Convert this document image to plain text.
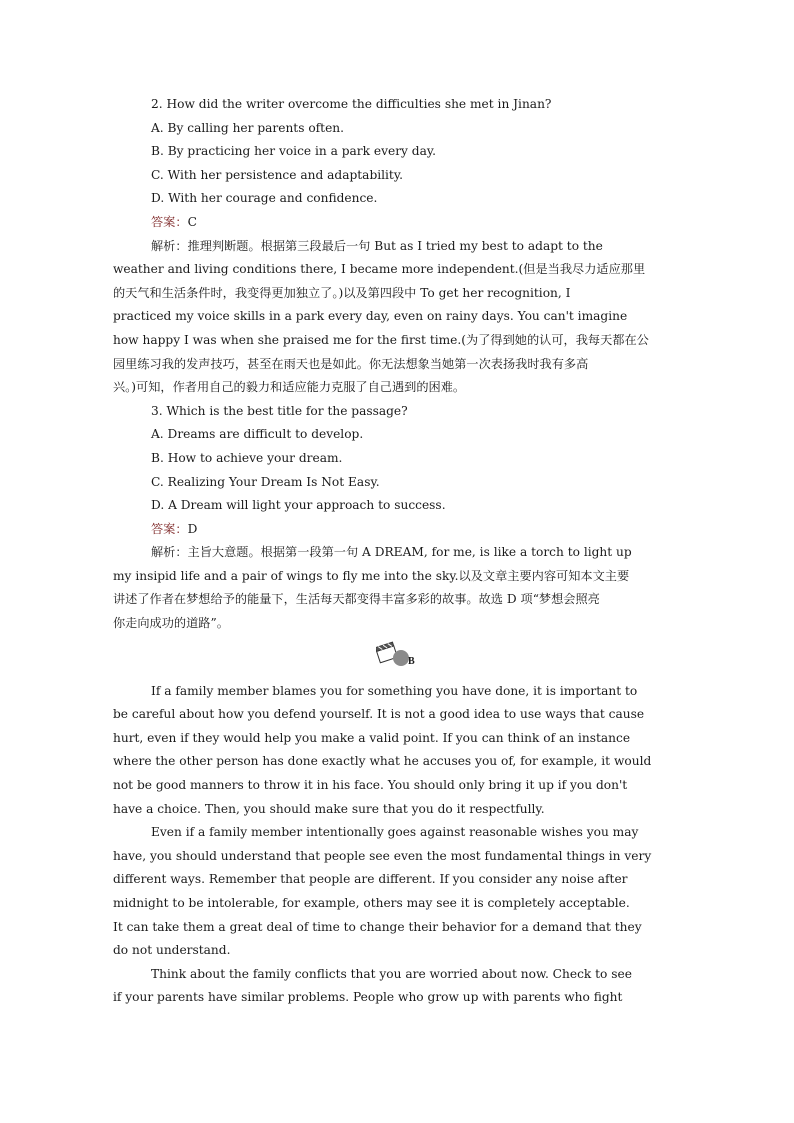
2. How did the writer overcome the difficulties she met in Jinan?

A. By calling her parents often.

B. By practicing her voice in a park every day.

C. With her persistence and adaptability.

D. With her courage and confidence.

答案：C

解析：推理判断题。根据第三段最后一句 But as I tried my best to adapt to the

weather and living conditions there, I became more independent.(但是当我尽力适应那里

的天气和生活条件时，我变得更加独立了。)以及第四段中 To get her recognition, I

practiced my voice skills in a park every day, even on rainy days. You can't imagine

how happy I was when she praised me for the first time.(为了得到她的认可，我每天都在公

园里练习我的发声技巧，甚至在雨天也是如此。你无法想象当她第一次表扬我时我有多高

兴。)可知，作者用自己的毅力和适应能力克服了自己遇到的困难。

3. Which is the best title for the passage?

A. Dreams are difficult to develop.

B. How to achieve your dream.

C. Realizing Your Dream Is Not Easy.

D. A Dream will light your approach to success.

答案：D

解析：主旨大意题。根据第一段第一句 A DREAM, for me, is like a torch to light up

my insipid life and a pair of wings to fly me into the sky.以及文章主要内容可知本文主要

讲述了作者在梦想给予的能量下，生活每天都变得丰富多彩的故事。故选 D 项“梦想会照亮

你走向成功的道路”。

B

If a family member blames you for something you have done, it is important to

be careful about how you defend yourself. It is not a good idea to use ways that cause

hurt, even if they would help you make a valid point. If you can think of an instance

where the other person has done exactly what he accuses you of, for example, it would

not be good manners to throw it in his face. You should only bring it up if you don't

have a choice. Then, you should make sure that you do it respectfully.

Even if a family member intentionally goes against reasonable wishes you may

have, you should understand that people see even the most fundamental things in very

different ways. Remember that people are different. If you consider any noise after

midnight to be intolerable, for example, others may see it is completely acceptable.

It can take them a great deal of time to change their behavior for a demand that they

do not understand.

Think about the family conflicts that you are worried about now. Check to see

if your parents have similar problems. People who grow up with parents who fight
